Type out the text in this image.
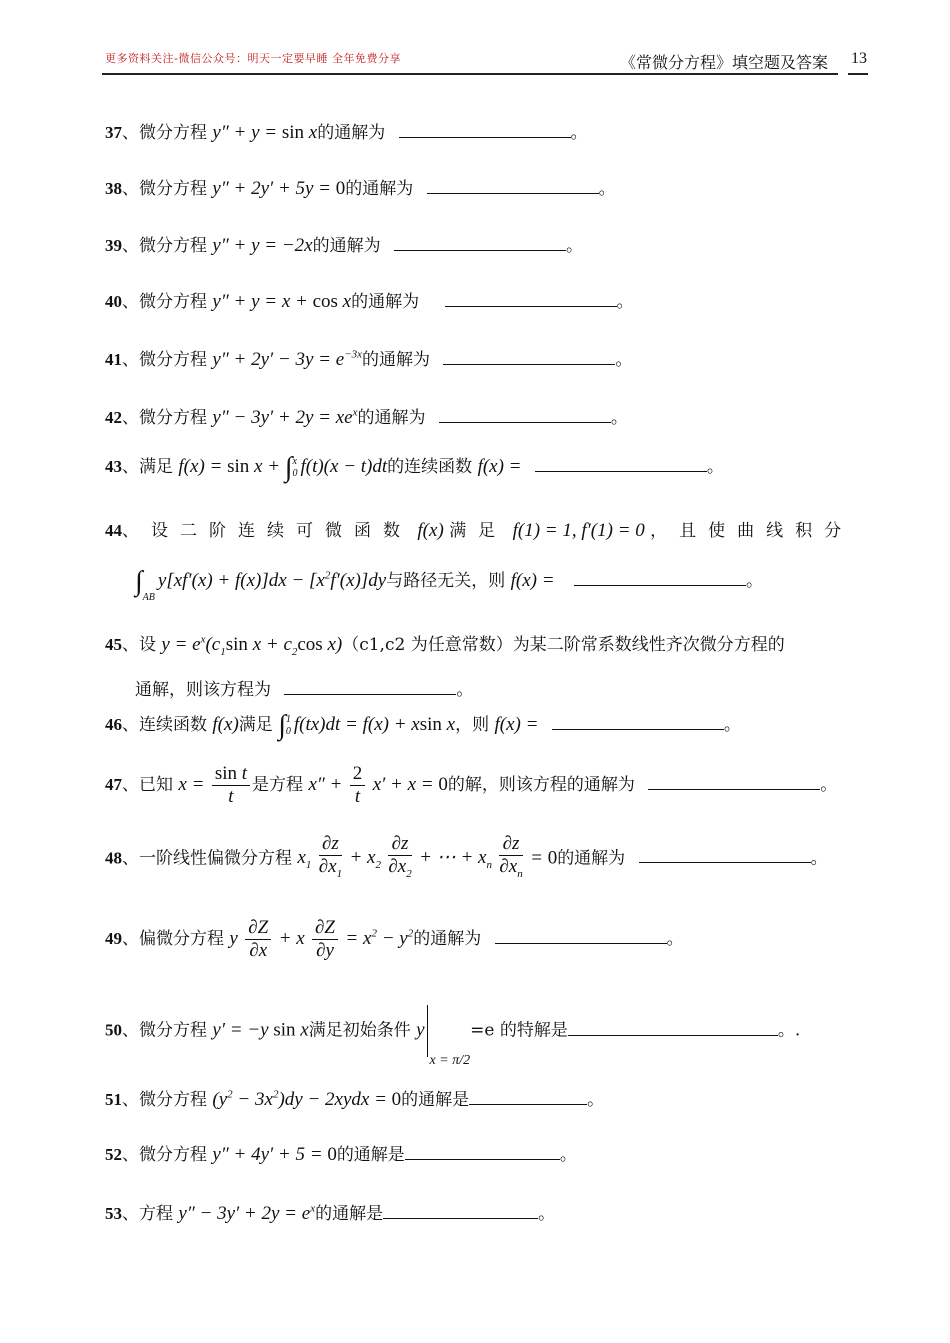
更多资料关注-微信公众号：明天一定要早睡 全年免费分享	《常微分方程》填空题及答案 13
37、微分方程 y″ + y = sin x的通解为	。
38、微分方程 y″ + 2y′ + 5y = 0的通解为	。
39、微分方程 y″ + y = −2x的通解为	。
40、微分方程 y″ + y = x + cos x的通解为	。
41、微分方程 $y'' + 2y' - 3y = e^{-3x}$的通解为	。
42、微分方程 $y'' - 3y' + 2y = xe^x$的通解为	。
43、满足 f(x) = sin x + ∫x
0 f(t)(x − t)dt的连续函数 f(x) =	。
44、设二阶连续可微函数 f(x) 满足 f(1) = 1, f′(1) = 0 ，且使曲线积分
$\int ABy[xf'(x) + f(x)]dx - [x^2f'(x)]dy$与路径无关，则 f(x) =	。
45、设 $y = e^x(c_1\sin$ $x + c_2\cos$ x)（c1,c2 为任意常数）为某二阶常系数线性齐次微分方程的
通解，则该方程为	。
46、连续函数 f(x)满足 ∫1
0 f(tx)dt = f(x) + xsin x，则 f(x) =	。
47、已知 $x = \frac{\text{sin t}}{t}$ 是方程 $x'' + \frac{2}{t} x' + x = 0$的解，则该方程的通解为	。
48、一阶线性偏微分方程 $x_1 \frac{\partial z}{\partial x_1} + x_2 \frac{\partial z}{\partial x_2}$ + ⋯ + $x_n \frac{\partial z}{\partial x_n} = 0$的通解为	。
49、偏微分方程 y $\frac{\partial Z}{\partial x} + x \frac{\partial Z}{\partial y} = x^2 - y^2$的通解为	。
50、微分方程 y′ = −y sin x满足初始条件 yx = π/2=e 的特解是	。.
51、微分方程 $(y^2 - 3x^2)dy$ − 2xydx = 0的通解是	。
52、微分方程 y″ + 4y′ + 5 = 0的通解是	。
53、方程 $y'' - 3y' + 2y = e^x$的通解是	。
